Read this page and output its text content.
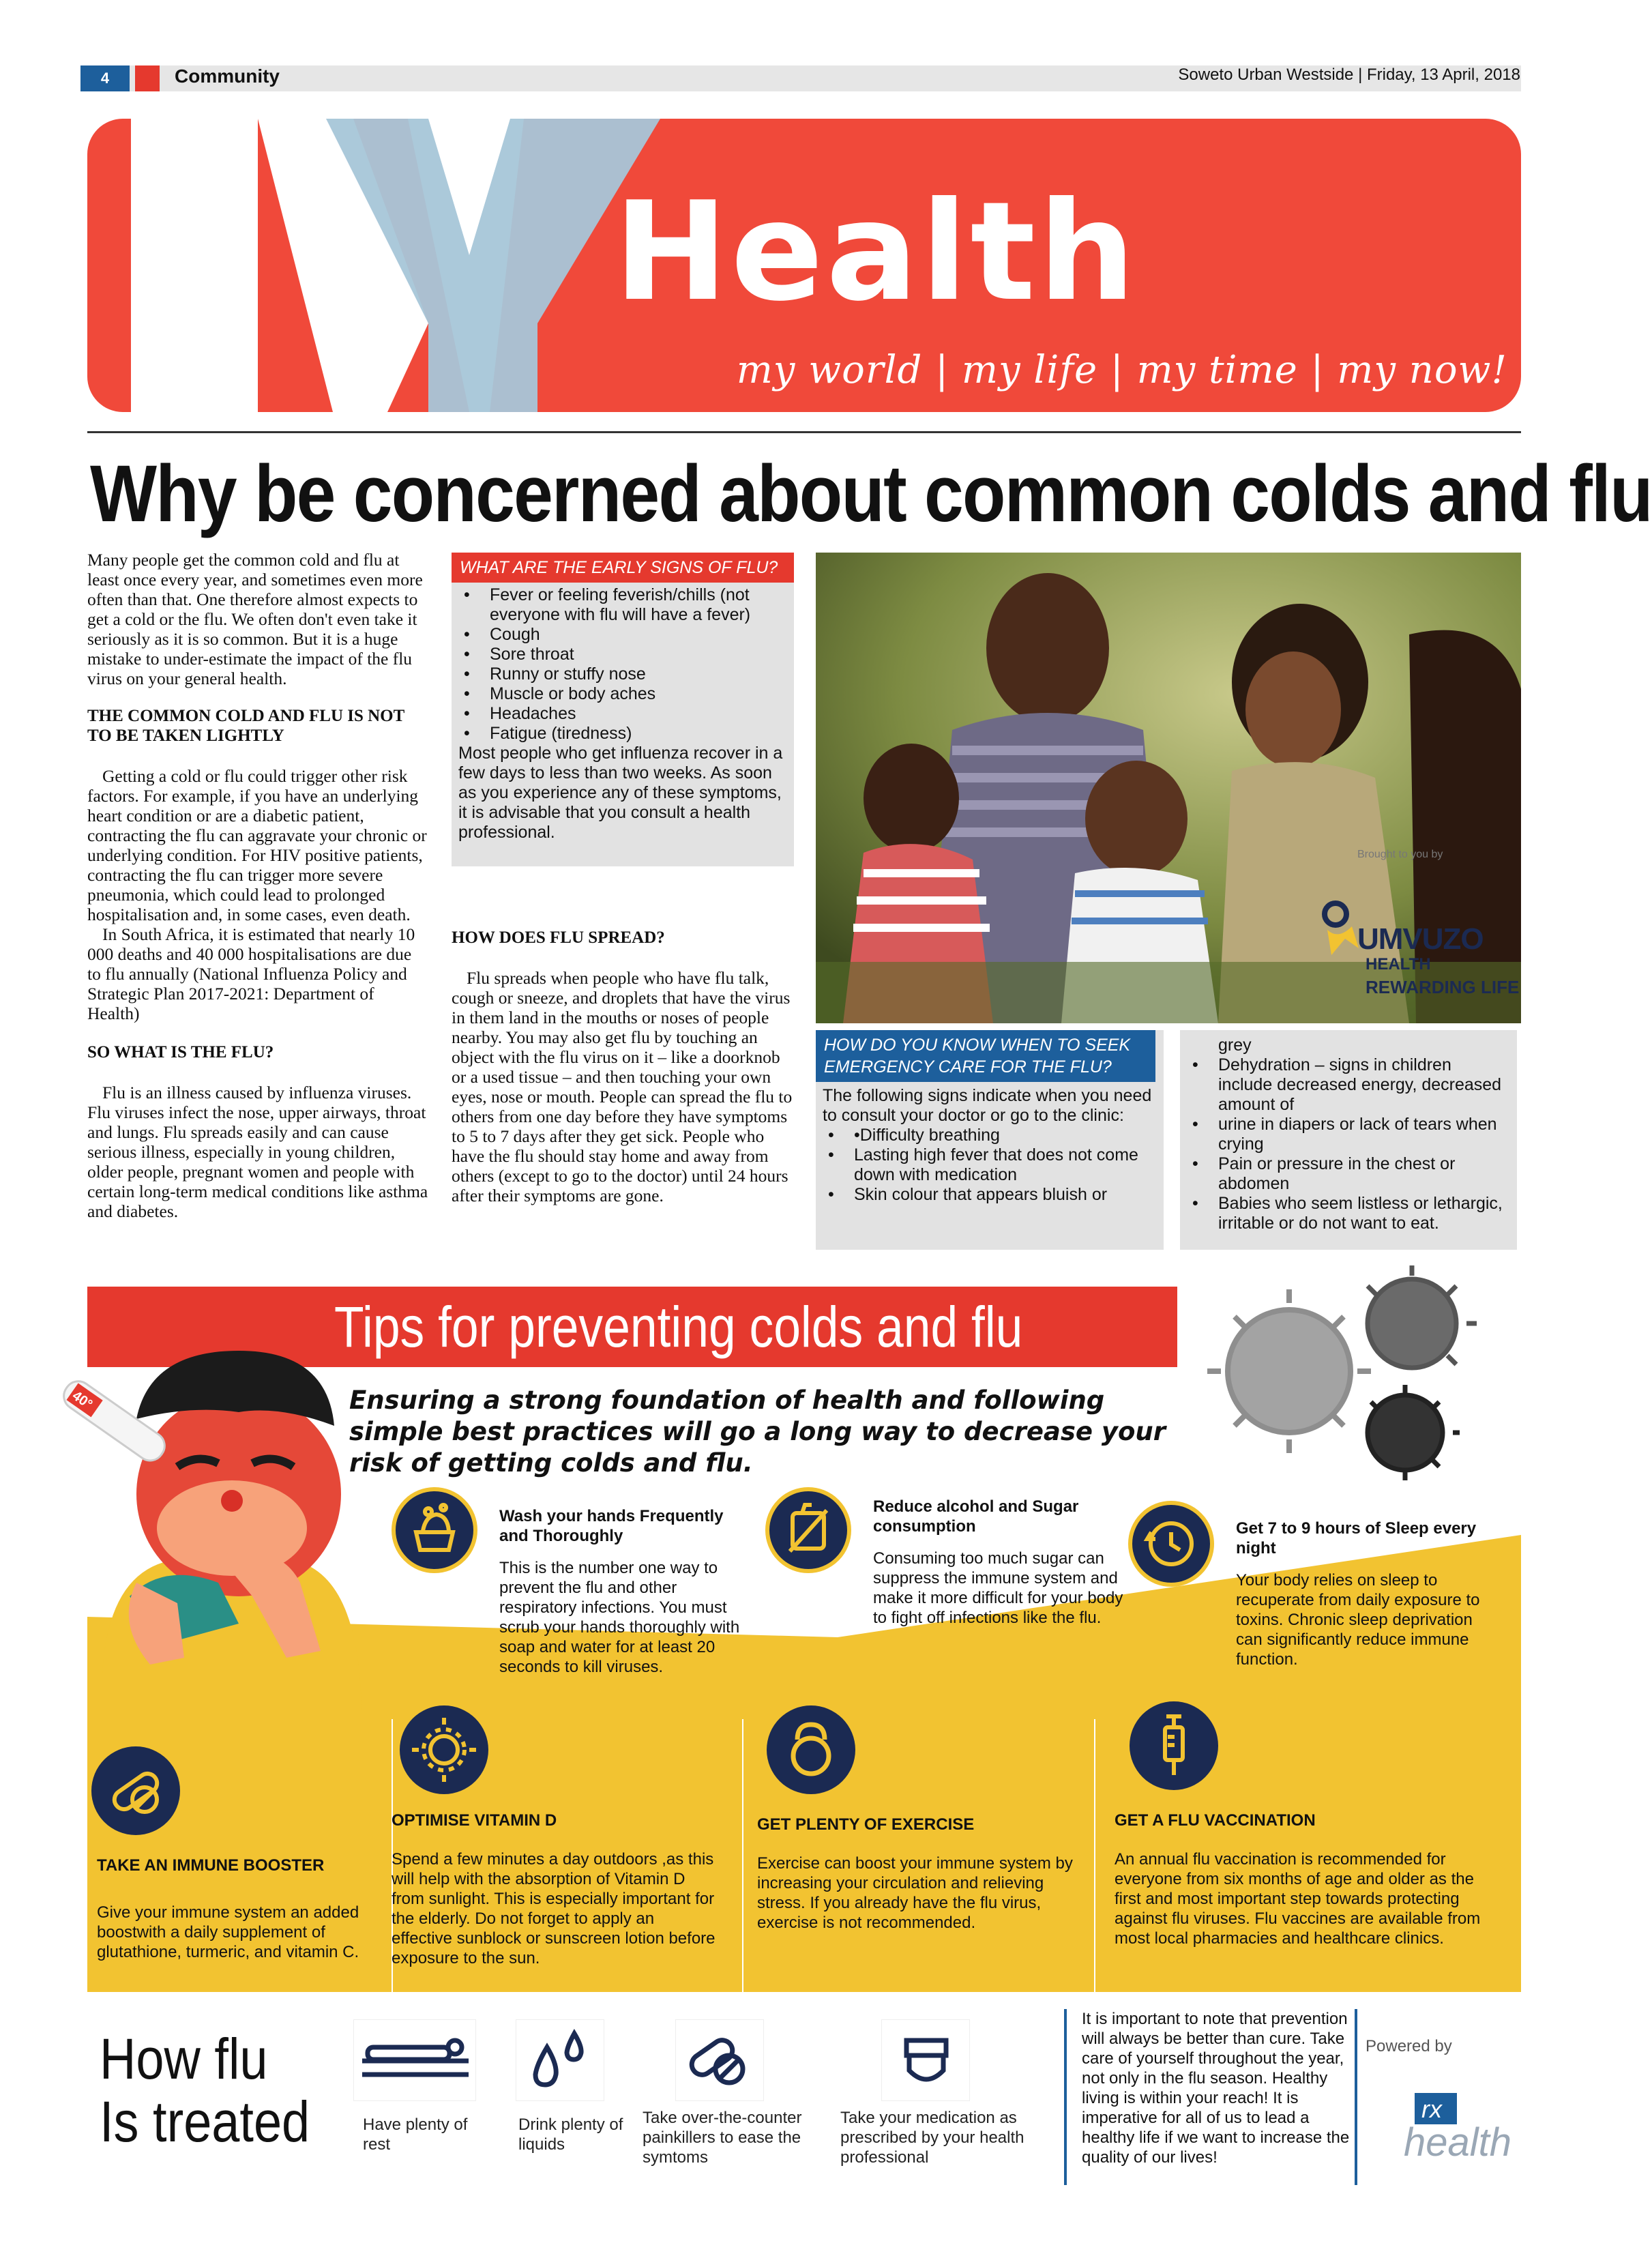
4	Community	Soweto Urban Westside | Friday, 13 April, 2018
Health
my world | my life | my time | my now!
Why be concerned about common colds and flu

Many people get the common cold and flu at least once every year, and sometimes even more often than that. One therefore almost expects to get a cold or the flu. We often don't even take it seriously as it is so common. But it is a huge mistake to under-estimate the impact of the flu virus on your general health.

THE COMMON COLD AND FLU IS NOT TO BE TAKEN LIGHTLY

Getting a cold or flu could trigger other risk factors. For example, if you have an underlying heart condition or are a diabetic patient, contracting the flu can aggravate your chronic or underlying condition. For HIV positive patients, contracting the flu can trigger more severe pneumonia, which could lead to prolonged hospitalisation and, in some cases, even death.

In South Africa, it is estimated that nearly 10 000 deaths and 40 000 hospitalisations are due to flu annually (National Influenza Policy and Strategic Plan 2017-2021: Department of Health)

SO WHAT IS THE FLU?

Flu is an illness caused by influenza viruses. Flu viruses infect the nose, upper airways, throat and lungs. Flu spreads easily and can cause serious illness, especially in young children, older people, pregnant women and people with certain long-term medical conditions like asthma and diabetes.

WHAT ARE THE EARLY SIGNS OF FLU?
• Fever or feeling feverish/chills (not everyone with flu will have a fever)
• Cough
• Sore throat
• Runny or stuffy nose
• Muscle or body aches
• Headaches
• Fatigue (tiredness)

Most people who get influenza recover in a few days to less than two weeks. As soon as you experience any of these symptoms, it is advisable that you consult a health professional.

HOW DOES FLU SPREAD?

Flu spreads when people who have flu talk, cough or sneeze, and droplets that have the virus in them land in the mouths or noses of people nearby. You may also get flu by touching an object with the flu virus on it – like a doorknob or a used tissue – and then touching your own eyes, nose or mouth. People can spread the flu to others from one day before they have symptoms to 5 to 7 days after they get sick. People who have the flu should stay home and away from others (except to go to the doctor) until 24 hours after their symptoms are gone.

Brought to you by
UMVUZO
HEALTH
REWARDING LIFE
HOW DO YOU KNOW WHEN TO SEEK EMERGENCY CARE FOR THE FLU?

The following signs indicate when you need to consult your doctor or go to the clinic:

• •Difficulty breathing
• Lasting high fever that does not come down with medication
• Skin colour that appears bluish or

grey

• Dehydration – signs in children include decreased energy, decreased amount of
• urine in diapers or lack of tears when crying
• Pain or pressure in the chest or abdomen
• Babies who seem listless or lethargic, irritable or do not want to eat.
Tips for preventing colds and flu
Ensuring a strong foundation of health and following simple best practices will go a long way to decrease your risk of getting colds and flu.
40°
Wash your hands Frequently and Thoroughly
This is the number one way to prevent the flu and other respiratory infections. You must scrub your hands thoroughly with soap and water for at least 20 seconds to kill viruses.
Reduce alcohol and Sugar consumption
Consuming too much sugar can suppress the immune system and make it more difficult for your body to fight off infections like the flu.
Get 7 to 9 hours of Sleep every night
Your body relies on sleep to recuperate from daily exposure to toxins. Chronic sleep deprivation can significantly reduce immune function.
TAKE AN IMMUNE BOOSTER
Give your immune system an added boostwith a daily supplement of glutathione, turmeric, and vitamin C.
OPTIMISE VITAMIN D
Spend a few minutes a day outdoors ,as this will help with the absorption of Vitamin D from sunlight. This is especially important for the elderly. Do not forget to apply an effective sunblock or sunscreen lotion before exposure to the sun.
GET PLENTY OF EXERCISE
Exercise can boost your immune system by increasing your circulation and relieving stress. If you already have the flu virus, exercise is not recommended.
GET A FLU VACCINATION
An annual flu vaccination is recommended for everyone from six months of age and older as the first and most important step towards protecting against flu viruses. Flu vaccines are available from most local pharmacies and healthcare clinics.
How flu Is treated	Have plenty of rest
Drink plenty of liquids
Take over-the-counter painkillers to ease the symtoms
Take your medication as prescribed by your health professional
It is important to note that prevention will always be better than cure. Take care of yourself throughout the year, not only in the flu season. Healthy living is within your reach! It is imperative for all of us to lead a healthy life if we want to increase the quality of our lives!
Powered by
rx
health
